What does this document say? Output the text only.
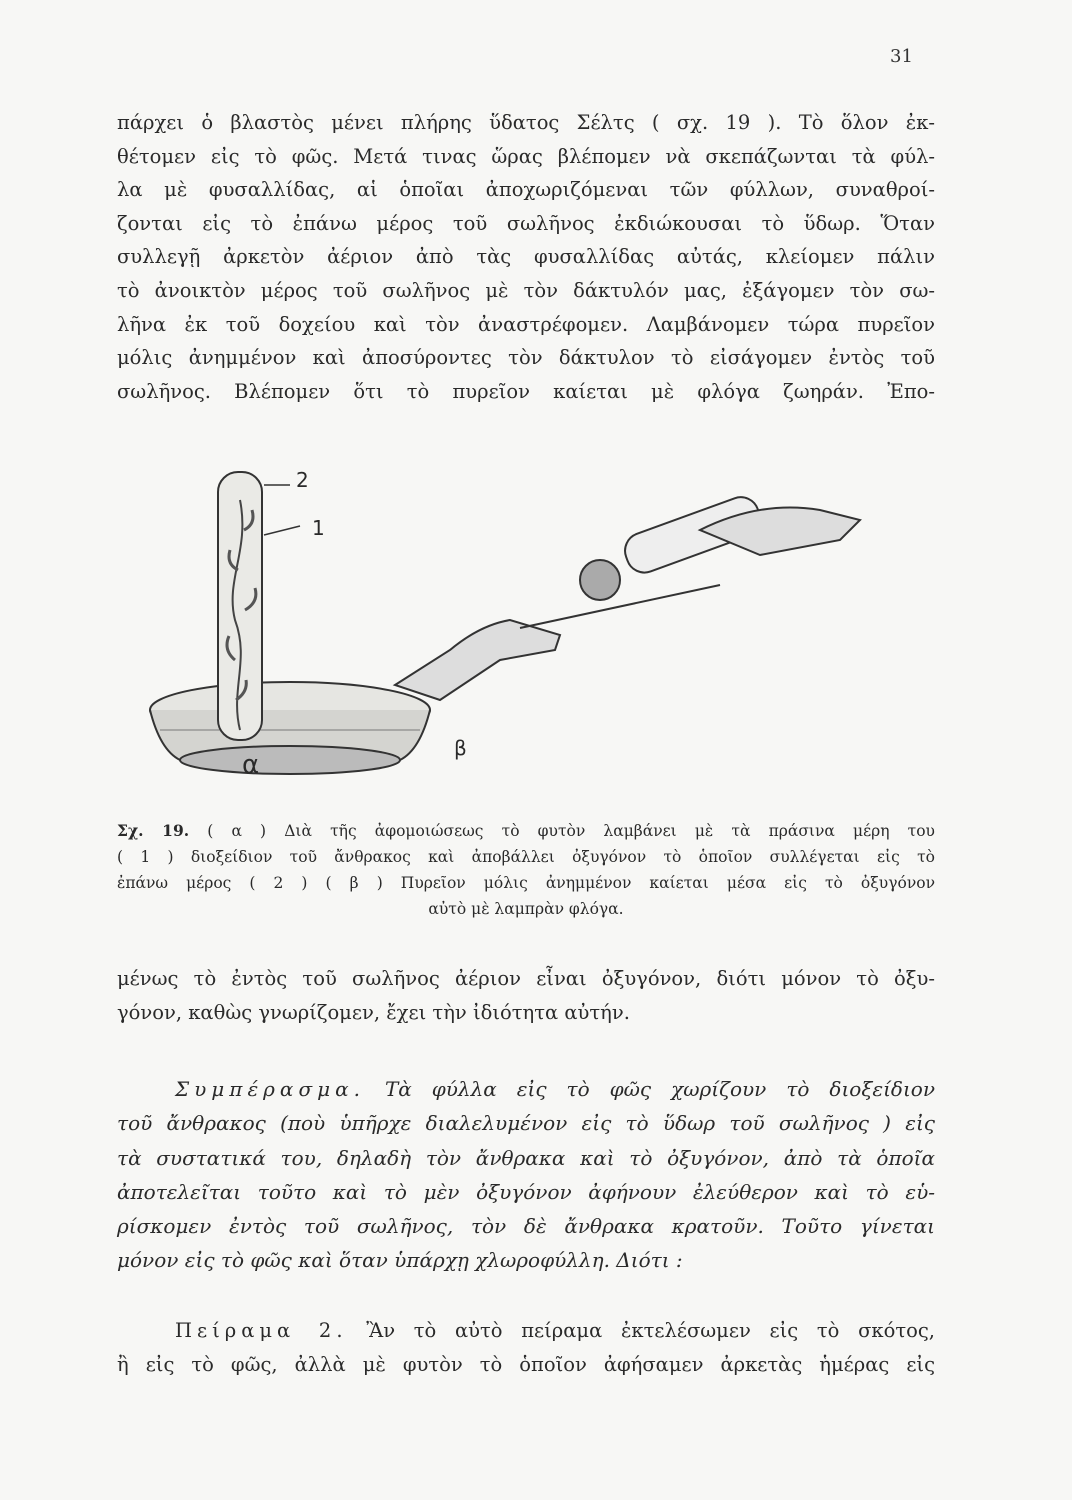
31
πάρχει ὁ βλαστὸς μένει πλήρης ὕδατος Σέλτς ( σχ. 19 ). Τὸ ὅλον ἐκ-
θέτομεν εἰς τὸ φῶς. Μετά τινας ὥρας βλέπομεν νὰ σκεπάζωνται τὰ φύλ-
λα μὲ φυσαλλίδας, αἱ ὁποῖαι ἀποχωριζόμεναι τῶν φύλλων, συναθροί-
ζονται εἰς τὸ ἐπάνω μέρος τοῦ σωλῆνος ἐκδιώκουσαι τὸ ὕδωρ. Ὅταν
συλλεγῇ ἀρκετὸν ἀέριον ἀπὸ τὰς φυσαλλίδας αὐτάς, κλείομεν πάλιν
τὸ ἀνοικτὸν μέρος τοῦ σωλῆνος μὲ τὸν δάκτυλόν μας, ἐξάγομεν τὸν σω-
λῆνα ἐκ τοῦ δοχείου καὶ τὸν ἀναστρέφομεν. Λαμβάνομεν τώρα πυρεῖον
μόλις ἀνημμένον καὶ ἀποσύροντες τὸν δάκτυλον τὸ εἰσάγομεν ἐντὸς τοῦ
σωλῆνος. Βλέπομεν ὅτι τὸ πυρεῖον καίεται μὲ φλόγα ζωηράν. Ἐπο-
2
1
α
β
Σχ. 19. ( α ) Διὰ τῆς ἀφομοιώσεως τὸ φυτὸν λαμβάνει μὲ τὰ πράσινα μέρη του
( 1 ) διοξείδιον τοῦ ἄνθρακος καὶ ἀποβάλλει ὀξυγόνον τὸ ὁποῖον συλλέγεται εἰς τὸ
ἐπάνω μέρος ( 2 ) ( β ) Πυρεῖον μόλις ἀνημμένον καίεται μέσα εἰς τὸ ὀξυγόνον
αὐτὸ μὲ λαμπρὰν φλόγα.
μένως τὸ ἐντὸς τοῦ σωλῆνος ἀέριον εἶναι ὀξυγόνον, διότι μόνον τὸ ὀξυ-
γόνον, καθὼς γνωρίζομεν, ἔχει τὴν ἰδιότητα αὐτήν.
Συμπέρασμα. Τὰ φύλλα εἰς τὸ φῶς χωρίζουν τὸ διοξείδιον
τοῦ ἄνθρακος (ποὺ ὑπῆρχε διαλελυμένον εἰς τὸ ὕδωρ τοῦ σωλῆνος ) εἰς
τὰ συστατικά του, δηλαδὴ τὸν ἄνθρακα καὶ τὸ ὀξυγόνον, ἀπὸ τὰ ὁποῖα
ἀποτελεῖται τοῦτο καὶ τὸ μὲν ὀξυγόνον ἀφήνουν ἐλεύθερον καὶ τὸ εὑ-
ρίσκομεν ἐντὸς τοῦ σωλῆνος, τὸν δὲ ἄνθρακα κρατοῦν. Τοῦτο γίνεται
μόνον εἰς τὸ φῶς καὶ ὅταν ὑπάρχῃ χλωροφύλλη. Διότι :
Πείραμα 2. Ἂν τὸ αὐτὸ πείραμα ἐκτελέσωμεν εἰς τὸ σκότος,
ἢ εἰς τὸ φῶς, ἀλλὰ μὲ φυτὸν τὸ ὁποῖον ἀφήσαμεν ἀρκετὰς ἡμέρας εἰς
